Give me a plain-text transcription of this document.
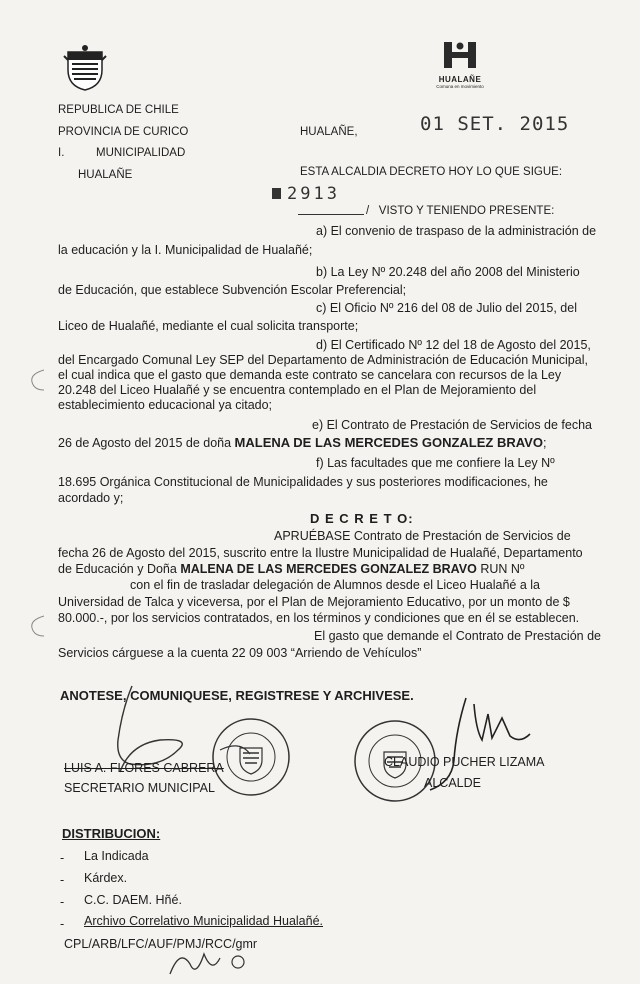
HUALAÑE
Comuna en movimiento
REPUBLICA DE CHILE
PROVINCIA DE CURICO
I.	MUNICIPALIDAD
HUALAÑE
HUALAÑE,	01 SET. 2015
ESTA ALCALDIA DECRETO HOY LO QUE SIGUE:
2913
/   VISTO Y TENIENDO PRESENTE:
a) El convenio de traspaso de la administración de
la educación y la I. Municipalidad de Hualañé;
b) La Ley Nº 20.248 del año 2008 del Ministerio
de Educación, que establece Subvención Escolar Preferencial;
c) El Oficio Nº 216 del 08 de Julio del 2015, del
Liceo de Hualañé, mediante el cual solicita transporte;
d) El Certificado Nº 12 del 18 de Agosto del 2015,
del Encargado Comunal Ley SEP del Departamento de Administración de Educación Municipal,
el cual indica que el gasto que demanda este contrato se cancelara con recursos de la Ley
20.248 del Liceo Hualañé y se encuentra contemplado en el Plan de Mejoramiento del
establecimiento educacional ya citado;
e) El Contrato de Prestación de Servicios de fecha
26 de Agosto del 2015 de doña MALENA DE LAS MERCEDES GONZALEZ BRAVO;
f) Las facultades que me confiere la Ley Nº
18.695 Orgánica Constitucional de Municipalidades y sus posteriores modificaciones, he
acordado y;
D E C R E T O:
APRUÉBASE Contrato de Prestación de Servicios de
fecha 26 de Agosto del 2015, suscrito entre la Ilustre Municipalidad de Hualañé, Departamento
de Educación y Doña MALENA DE LAS MERCEDES GONZALEZ BRAVO RUN Nº
con el fin de trasladar delegación de Alumnos desde el Liceo Hualañé a la
Universidad de Talca y viceversa, por el Plan de Mejoramiento Educativo, por un monto de $
80.000.-, por los servicios contratados, en los términos y condiciones que en él se establecen.
El gasto que demande el Contrato de Prestación de
Servicios cárguese a la cuenta 22 09 003 “Arriendo de Vehículos”
ANOTESE, COMUNIQUESE, REGISTRESE Y ARCHIVESE.
LUIS A. FLORES CABRERA
SECRETARIO MUNICIPAL
CLAUDIO PUCHER LIZAMA
ALCALDE
DISTRIBUCION:
- La Indicada
- Kárdex.
- C.C. DAEM. Hñé.
- Archivo Correlativo Municipalidad Hualañé.
CPL/ARB/LFC/AUF/PMJ/RCC/gmr
